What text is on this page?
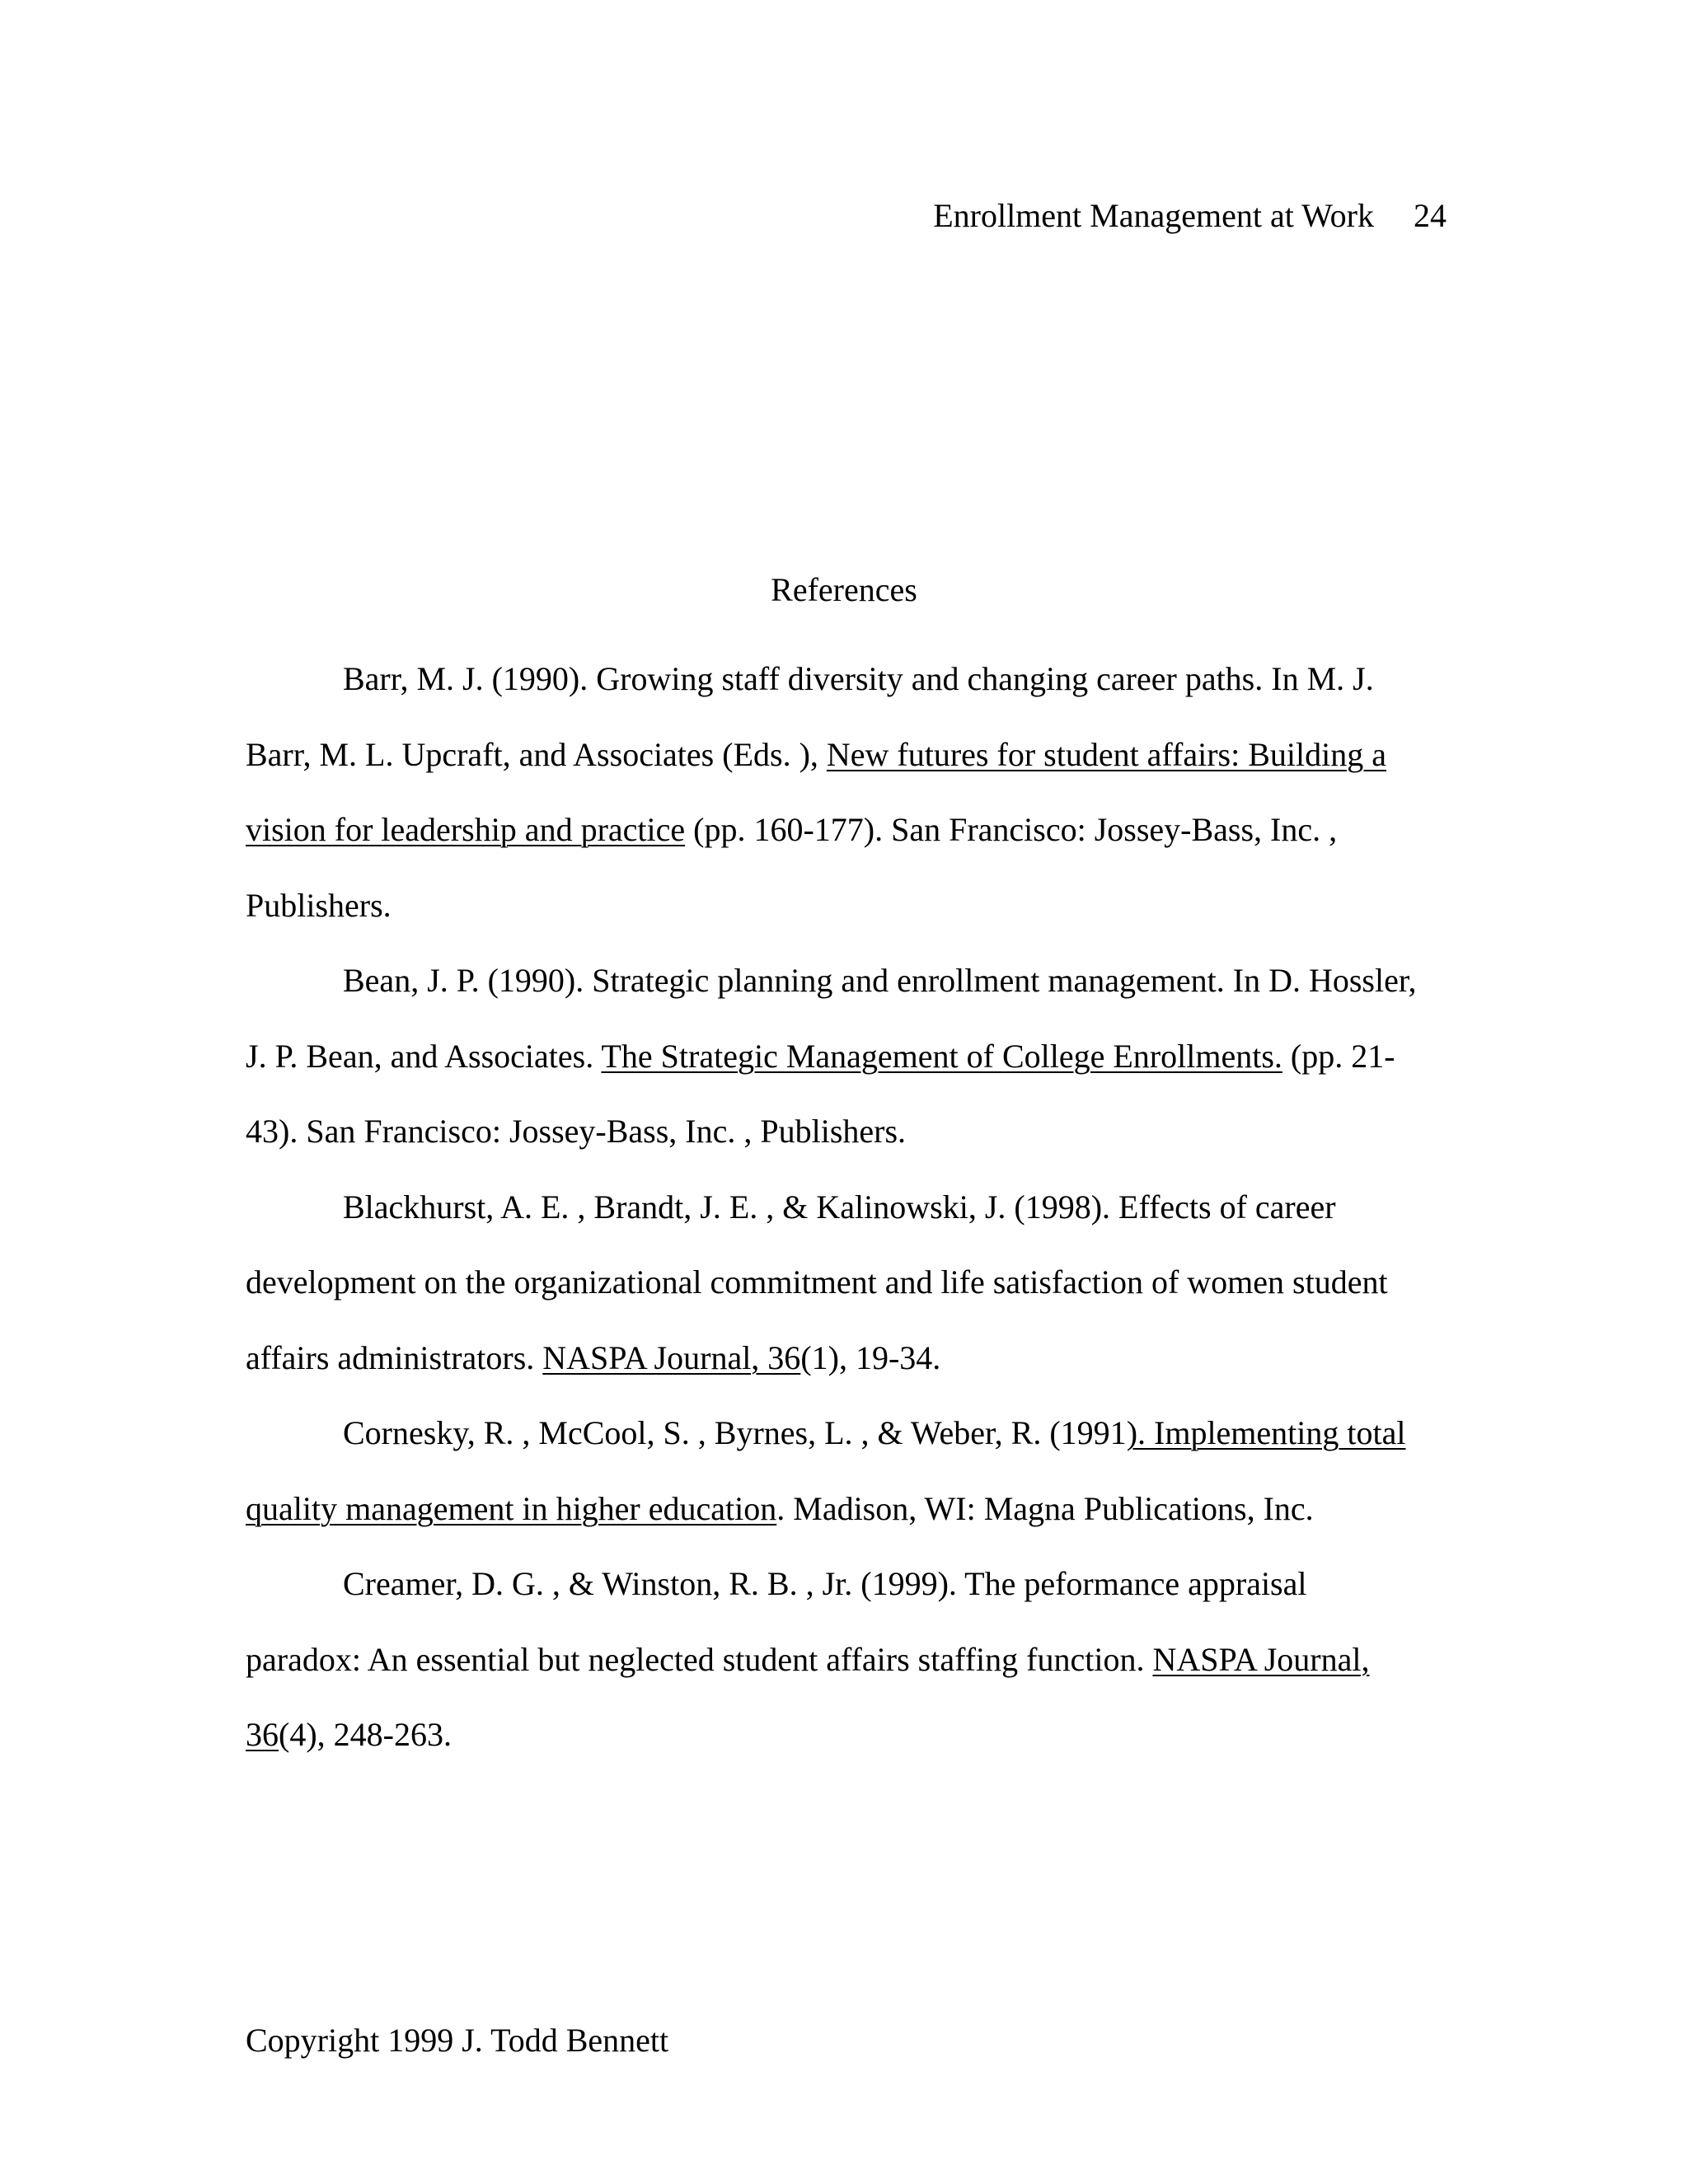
Enrollment Management at Work 24
References
Barr, M. J. (1990). Growing staff diversity and changing career paths. In M. J.
Barr, M. L. Upcraft, and Associates (Eds. ), New futures for student affairs: Building a
vision for leadership and practice (pp. 160-177). San Francisco: Jossey-Bass, Inc. ,
Publishers.
Bean, J. P. (1990). Strategic planning and enrollment management. In D. Hossler,
J. P. Bean, and Associates. The Strategic Management of College Enrollments. (pp. 21-
43). San Francisco: Jossey-Bass, Inc. , Publishers.
Blackhurst, A. E. , Brandt, J. E. , & Kalinowski, J. (1998). Effects of career
development on the organizational commitment and life satisfaction of women student
affairs administrators. NASPA Journal, 36(1), 19-34.
Cornesky, R. , McCool, S. , Byrnes, L. , & Weber, R. (1991). Implementing total
quality management in higher education. Madison, WI: Magna Publications, Inc.
Creamer, D. G. , & Winston, R. B. , Jr. (1999). The peformance appraisal
paradox: An essential but neglected student affairs staffing function. NASPA Journal,
36(4), 248-263.
Copyright 1999 J. Todd Bennett
